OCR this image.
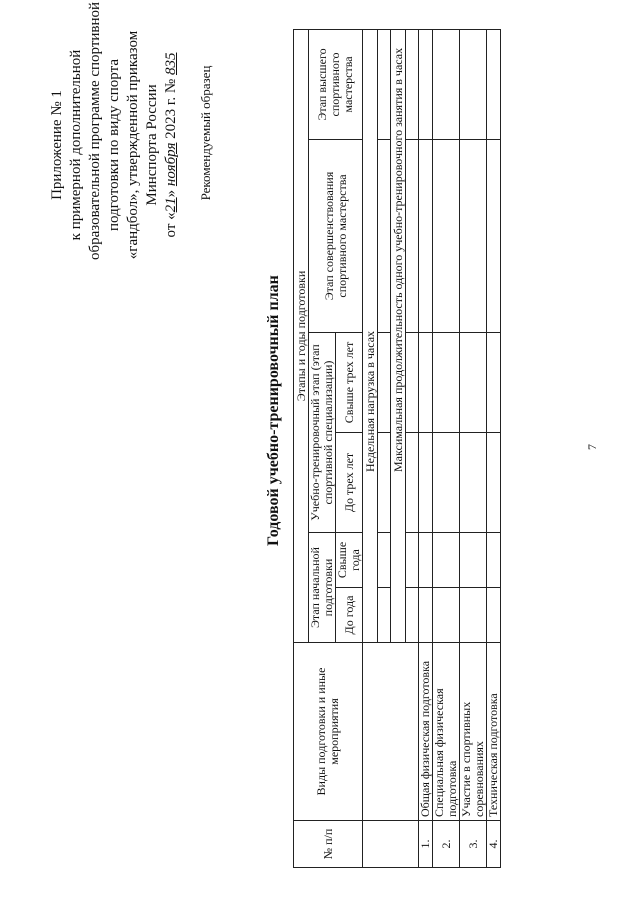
7
Приложение № 1 к примерной дополнительной образовательной программе спортивной подготовки по виду спорта «гандбол», утвержденной приказом Минспорта России
от «21» ноября 2023 г. № 835
Рекомендуемый образец
Годовой учебно-тренировочный план
№ п/п	Виды подготовки и иные мероприятия	Этапы и годы подготовки					
		Этап начальной подготовки		Учебно-тренировочный этап (этап спортивной специализации)		Этап совершенствования спортивного мастерства	Этап высшего спортивного мастерства
		До года	Свыше года	До трех лет	Свыше трех лет		
		Недельная нагрузка в часах					

		Максимальная продолжительность одного учебно-тренировочного занятия в часах					

1.	Общая физическая подготовка						
2.	Специальная физическая подготовка						
3.	Участие в спортивных соревнованиях						
4.	Техническая подготовка						
